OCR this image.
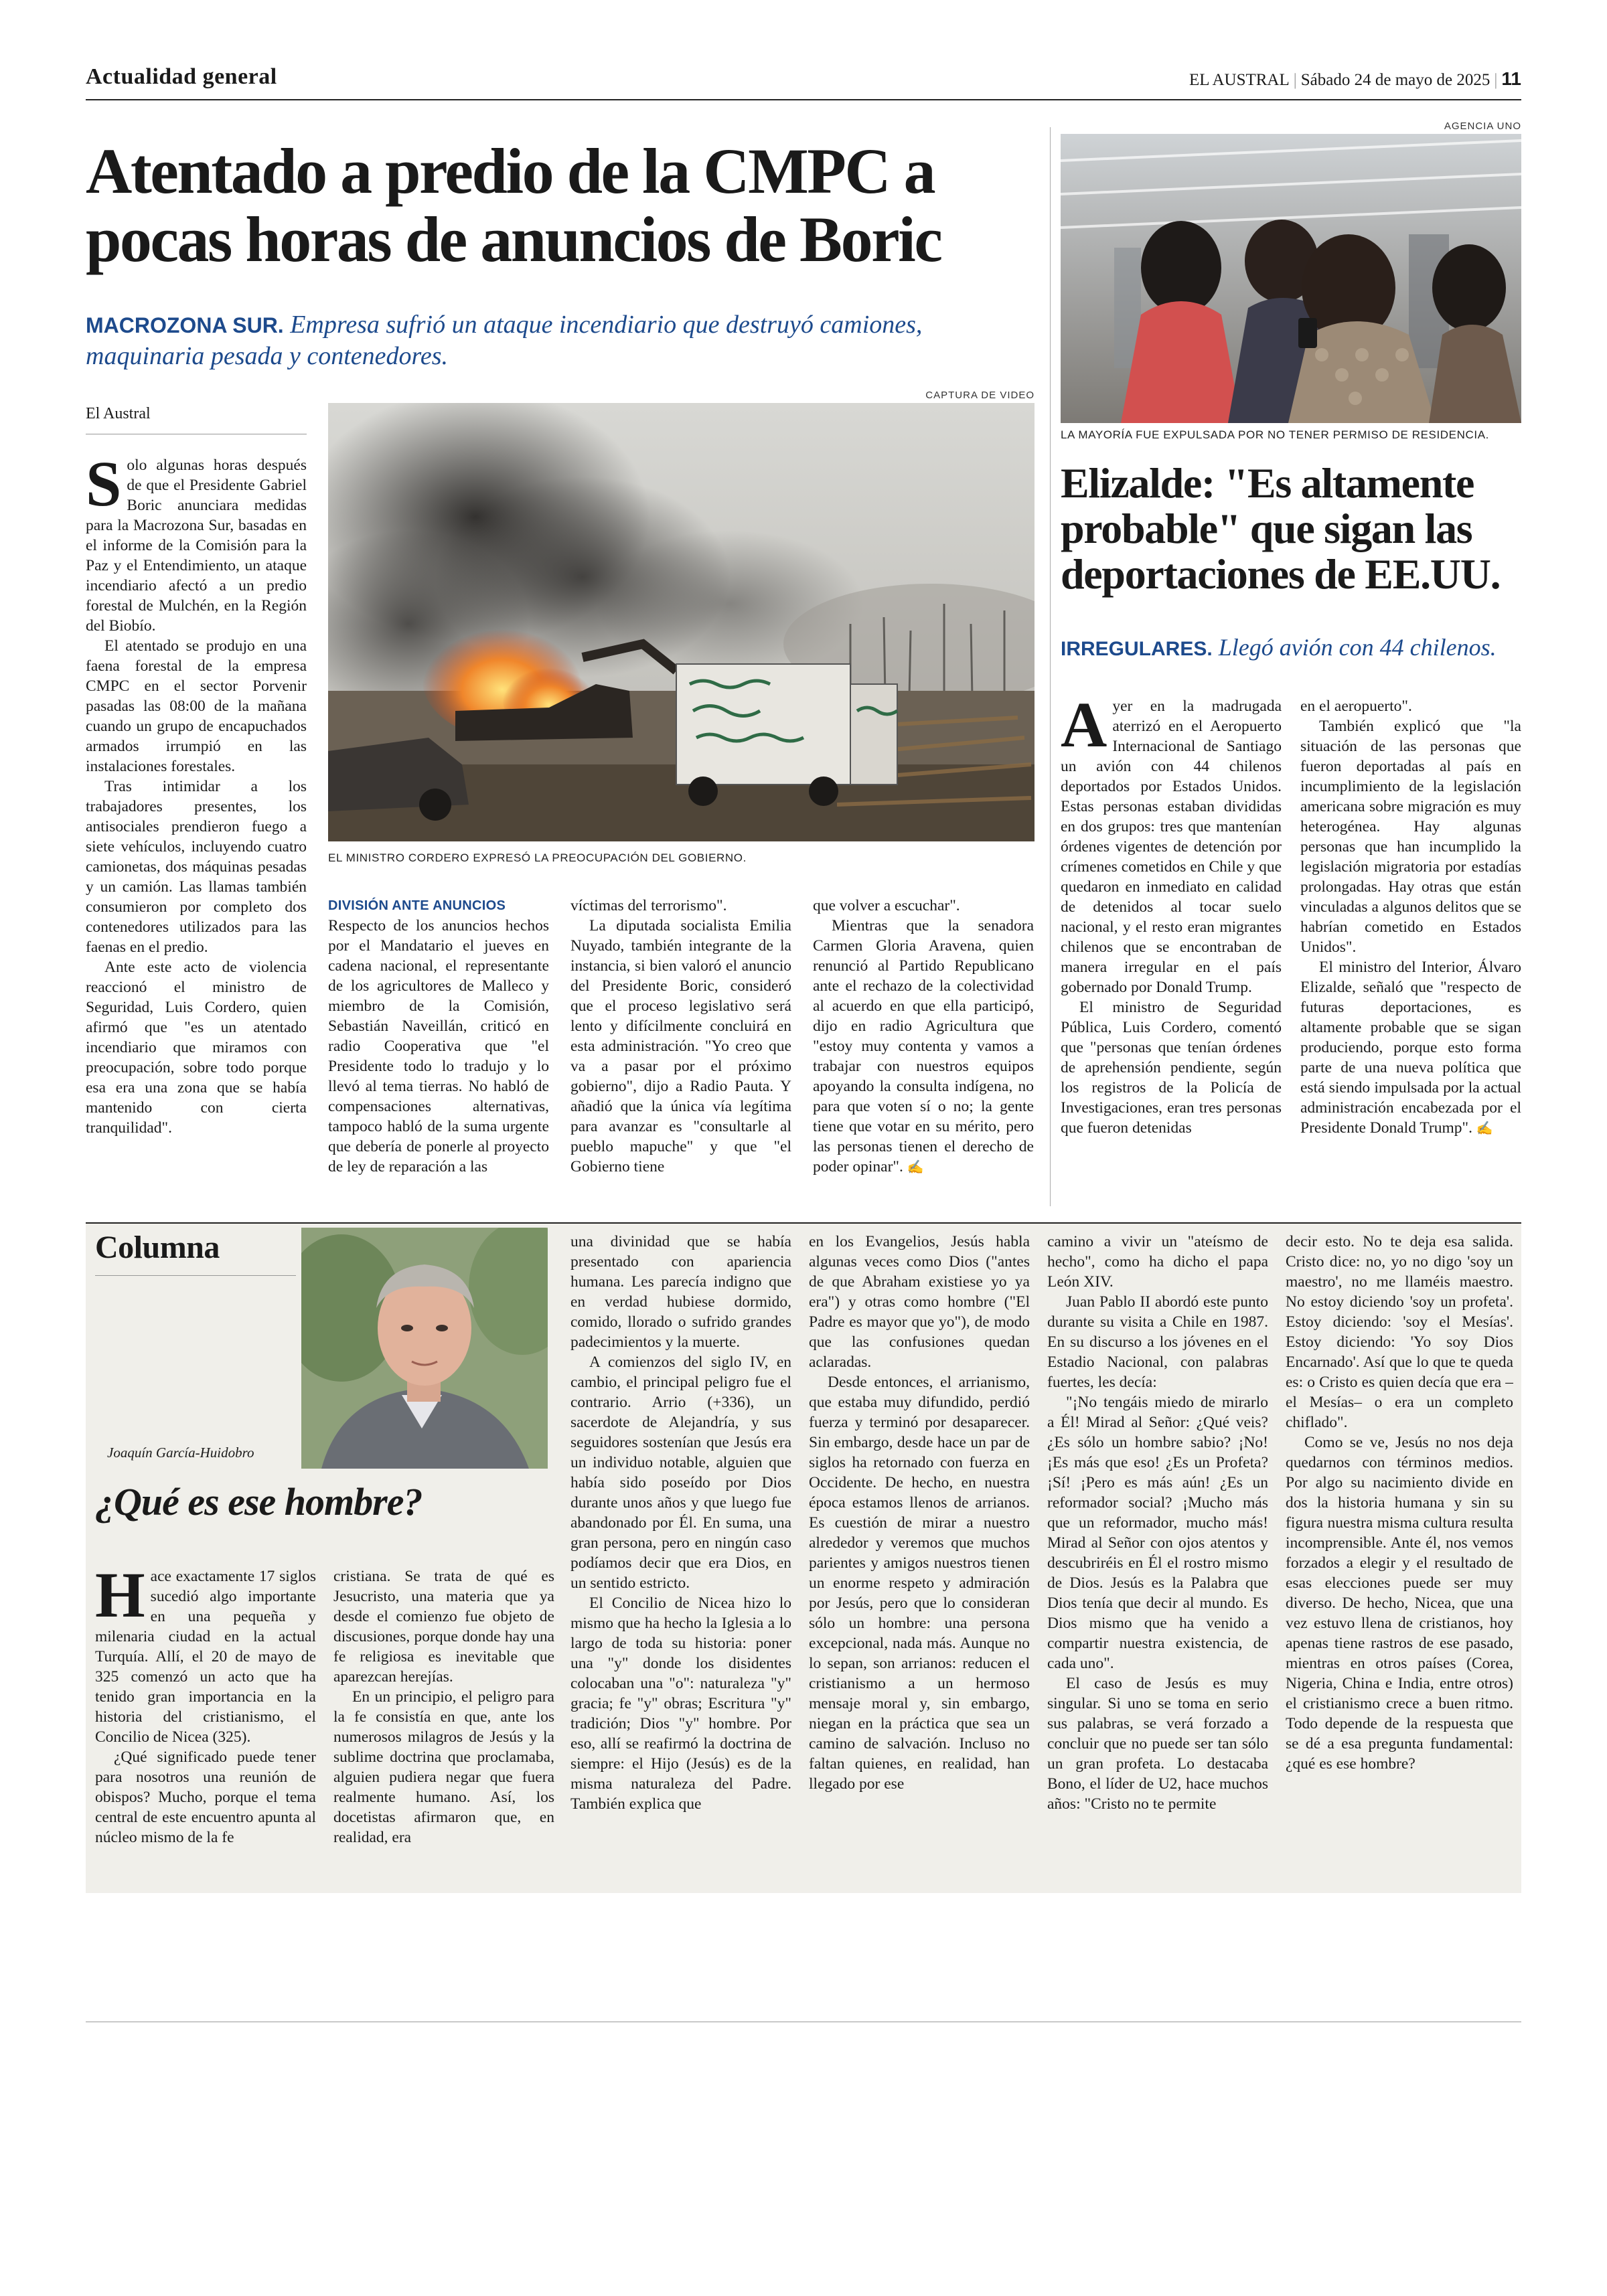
Actualidad general	EL AUSTRAL | Sábado 24 de mayo de 2025 | 11
Atentado a predio de la CMPC a
pocas horas de anuncios de Boric
MACROZONA SUR. Empresa sufrió un ataque incendiario que destruyó camiones,
maquinaria pesada y contenedores.
El Austral
CAPTURA DE VIDEO
EL MINISTRO CORDERO EXPRESÓ LA PREOCUPACIÓN DEL GOBIERNO.

Solo algunas horas después de que el Presidente Gabriel Boric anunciara medidas para la Macrozona Sur, basadas en el informe de la Comisión para la Paz y el Entendimiento, un ataque incendiario afectó a un predio forestal de Mulchén, en la Región del Biobío.

El atentado se produjo en una faena forestal de la empresa CMPC en el sector Porvenir pasadas las 08:00 de la mañana cuando un grupo de encapuchados armados irrumpió en las instalaciones forestales.

Tras intimidar a los trabajadores presentes, los antisociales prendieron fuego a siete vehículos, incluyendo cuatro camionetas, dos máquinas pesadas y un camión. Las llamas también consumieron por completo dos contenedores utilizados para las faenas en el predio.

Ante este acto de violencia reaccionó el ministro de Seguridad, Luis Cordero, quien afirmó que "es un atentado incendiario que miramos con preocupación, sobre todo porque esa era una zona que se había mantenido con cierta tranquilidad".

DIVISIÓN ANTE ANUNCIOS

Respecto de los anuncios hechos por el Mandatario el jueves en cadena nacional, el representante de los agricultores de Malleco y miembro de la Comisión, Sebastián Naveillán, criticó en radio Cooperativa que "el Presidente todo lo tradujo y lo llevó al tema tierras. No habló de compensaciones alternativas, tampoco habló de la suma urgente que debería de ponerle al proyecto de ley de reparación a las

víctimas del terrorismo".

La diputada socialista Emilia Nuyado, también integrante de la instancia, si bien valoró el anuncio del Presidente Boric, consideró que el proceso legislativo será lento y difícilmente concluirá en esta administración. "Yo creo que va a pasar por el próximo gobierno", dijo a Radio Pauta. Y añadió que la única vía legítima para avanzar es "consultarle al pueblo mapuche" y que "el Gobierno tiene

que volver a escuchar".

Mientras que la senadora Carmen Gloria Aravena, quien renunció al Partido Republicano ante el rechazo de la colectividad al acuerdo en que ella participó, dijo en radio Agricultura que "estoy muy contenta y vamos a trabajar con nuestros equipos apoyando la consulta indígena, no para que voten sí o no; la gente tiene que votar en su mérito, pero las personas tienen el derecho de poder opinar". ✍

AGENCIA UNO
LA MAYORÍA FUE EXPULSADA POR NO TENER PERMISO DE RESIDENCIA.
Elizalde: "Es altamente
probable" que sigan las
deportaciones de EE.UU.
IRREGULARES. Llegó avión con 44 chilenos.

Ayer en la madrugada aterrizó en el Aeropuerto Internacional de Santiago un avión con 44 chilenos deportados por Estados Unidos. Estas personas estaban divididas en dos grupos: tres que mantenían órdenes vigentes de detención por crímenes cometidos en Chile y que quedaron en inmediato en calidad de detenidos al tocar suelo nacional, y el resto eran migrantes chilenos que se encontraban de manera irregular en el país gobernado por Donald Trump.

El ministro de Seguridad Pública, Luis Cordero, comentó que "personas que tenían órdenes de aprehensión pendiente, según los registros de la Policía de Investigaciones, eran tres personas que fueron detenidas

en el aeropuerto".

También explicó que "la situación de las personas que fueron deportadas al país en incumplimiento de la legislación americana sobre migración es muy heterogénea. Hay algunas personas que han incumplido la legislación migratoria por estadías prolongadas. Hay otras que están vinculadas a algunos delitos que se habrían cometido en Estados Unidos".

El ministro del Interior, Álvaro Elizalde, señaló que "respecto de futuras deportaciones, es altamente probable que se sigan produciendo, porque esto forma parte de una nueva política que está siendo impulsada por la actual administración encabezada por el Presidente Donald Trump". ✍

Columna
Joaquín García-Huidobro
¿Qué es ese hombre?

Hace exactamente 17 siglos sucedió algo importante en una pequeña y milenaria ciudad en la actual Turquía. Allí, el 20 de mayo de 325 comenzó un acto que ha tenido gran importancia en la historia del cristianismo, el Concilio de Nicea (325).

¿Qué significado puede tener para nosotros una reunión de obispos? Mucho, porque el tema central de este encuentro apunta al núcleo mismo de la fe

cristiana. Se trata de qué es Jesucristo, una materia que ya desde el comienzo fue objeto de discusiones, porque donde hay una fe religiosa es inevitable que aparezcan herejías.

En un principio, el peligro para la fe consistía en que, ante los numerosos milagros de Jesús y la sublime doctrina que proclamaba, alguien pudiera negar que fuera realmente humano. Así, los docetistas afirmaron que, en realidad, era

una divinidad que se había presentado con apariencia humana. Les parecía indigno que en verdad hubiese dormido, comido, llorado o sufrido grandes padecimientos y la muerte.

A comienzos del siglo IV, en cambio, el principal peligro fue el contrario. Arrio (+336), un sacerdote de Alejandría, y sus seguidores sostenían que Jesús era un individuo notable, alguien que había sido poseído por Dios durante unos años y que luego fue abandonado por Él. En suma, una gran persona, pero en ningún caso podíamos decir que era Dios, en un sentido estricto.

El Concilio de Nicea hizo lo mismo que ha hecho la Iglesia a lo largo de toda su historia: poner una "y" donde los disidentes colocaban una "o": naturaleza "y" gracia; fe "y" obras; Escritura "y" tradición; Dios "y" hombre. Por eso, allí se reafirmó la doctrina de siempre: el Hijo (Jesús) es de la misma naturaleza del Padre. También explica que

en los Evangelios, Jesús habla algunas veces como Dios ("antes de que Abraham existiese yo ya era") y otras como hombre ("El Padre es mayor que yo"), de modo que las confusiones quedan aclaradas.

Desde entonces, el arrianismo, que estaba muy difundido, perdió fuerza y terminó por desaparecer. Sin embargo, desde hace un par de siglos ha retornado con fuerza en Occidente. De hecho, en nuestra época estamos llenos de arrianos. Es cuestión de mirar a nuestro alrededor y veremos que muchos parientes y amigos nuestros tienen un enorme respeto y admiración por Jesús, pero que lo consideran sólo un hombre: una persona excepcional, nada más. Aunque no lo sepan, son arrianos: reducen el cristianismo a un hermoso mensaje moral y, sin embargo, niegan en la práctica que sea un camino de salvación. Incluso no faltan quienes, en realidad, han llegado por ese

camino a vivir un "ateísmo de hecho", como ha dicho el papa León XIV.

Juan Pablo II abordó este punto durante su visita a Chile en 1987. En su discurso a los jóvenes en el Estadio Nacional, con palabras fuertes, les decía:

"¡No tengáis miedo de mirarlo a Él! Mirad al Señor: ¿Qué veis? ¿Es sólo un hombre sabio? ¡No! ¡Es más que eso! ¿Es un Profeta? ¡Sí! ¡Pero es más aún! ¿Es un reformador social? ¡Mucho más que un reformador, mucho más! Mirad al Señor con ojos atentos y descubriréis en Él el rostro mismo de Dios. Jesús es la Palabra que Dios tenía que decir al mundo. Es Dios mismo que ha venido a compartir nuestra existencia, de cada uno".

El caso de Jesús es muy singular. Si uno se toma en serio sus palabras, se verá forzado a concluir que no puede ser tan sólo un gran profeta. Lo destacaba Bono, el líder de U2, hace muchos años: "Cristo no te permite

decir esto. No te deja esa salida. Cristo dice: no, yo no digo 'soy un maestro', no me llaméis maestro. No estoy diciendo 'soy un profeta'. Estoy diciendo: 'soy el Mesías'. Estoy diciendo: 'Yo soy Dios Encarnado'. Así que lo que te queda es: o Cristo es quien decía que era –el Mesías– o era un completo chiflado".

Como se ve, Jesús no nos deja quedarnos con términos medios. Por algo su nacimiento divide en dos la historia humana y sin su figura nuestra misma cultura resulta incomprensible. Ante él, nos vemos forzados a elegir y el resultado de esas elecciones puede ser muy diverso. De hecho, Nicea, que una vez estuvo llena de cristianos, hoy apenas tiene rastros de ese pasado, mientras en otros países (Corea, Nigeria, China e India, entre otros) el cristianismo crece a buen ritmo. Todo depende de la respuesta que se dé a esa pregunta fundamental: ¿qué es ese hombre?
